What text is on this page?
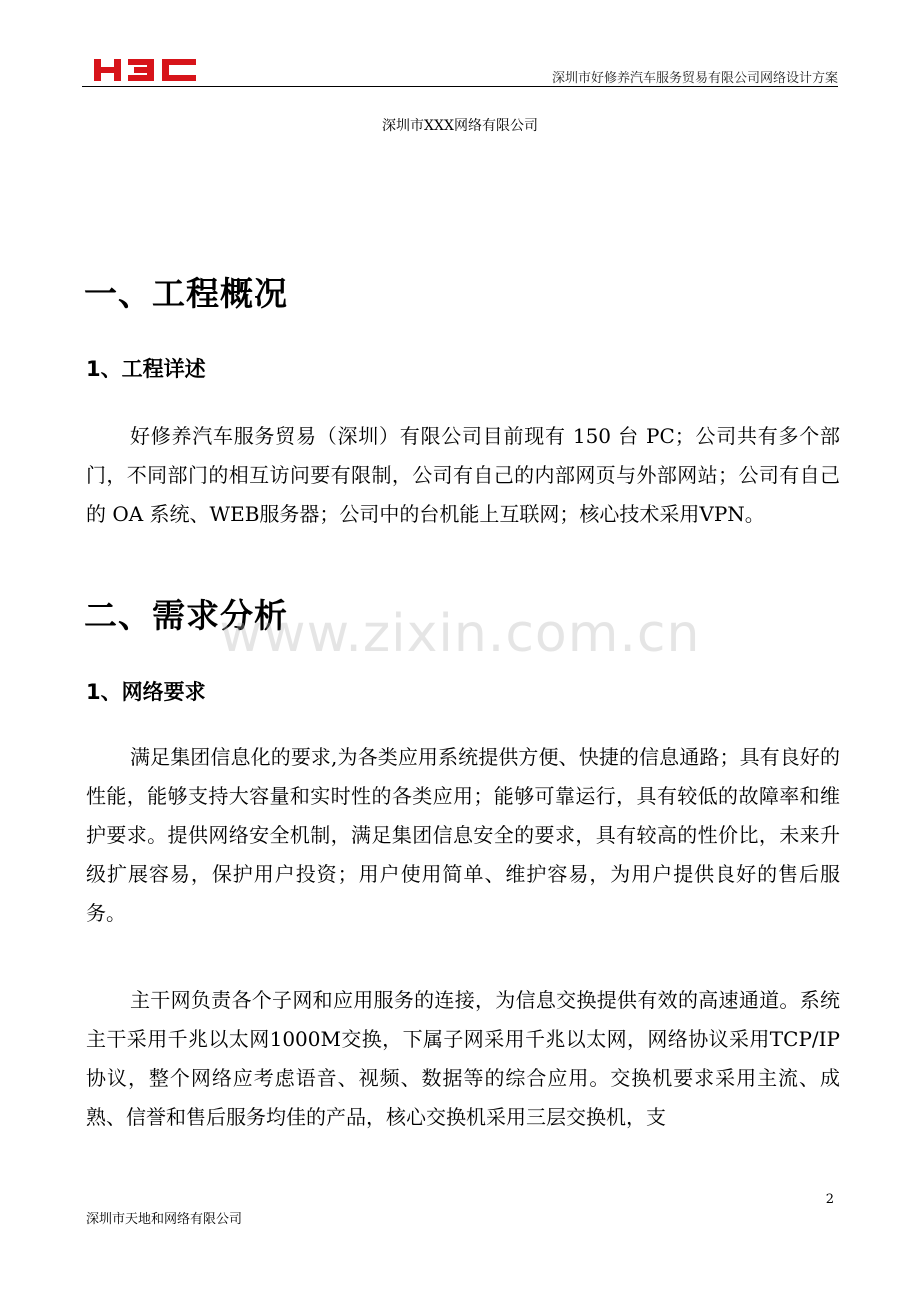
深圳市好修养汽车服务贸易有限公司网络设计方案
深圳市XXX网络有限公司
一、工程概况
1、工程详述
好修养汽车服务贸易（深圳）有限公司目前现有 150 台 PC；公司共有多个部门，不同部门的相互访问要有限制，公司有自己的内部网页与外部网站；公司有自己的 OA 系统、WEB服务器；公司中的台机能上互联网；核心技术采用VPN。
二、需求分析
1、网络要求
满足集团信息化的要求,为各类应用系统提供方便、快捷的信息通路；具有良好的性能，能够支持大容量和实时性的各类应用；能够可靠运行，具有较低的故障率和维护要求。提供网络安全机制，满足集团信息安全的要求，具有较高的性价比，未来升级扩展容易，保护用户投资；用户使用简单、维护容易，为用户提供良好的售后服务。
主干网负责各个子网和应用服务的连接，为信息交换提供有效的高速通道。系统主干采用千兆以太网1000M交换，下属子网采用千兆以太网，网络协议采用TCP/IP协议，整个网络应考虑语音、视频、数据等的综合应用。交换机要求采用主流、成熟、信誉和售后服务均佳的产品，核心交换机采用三层交换机，支
www.zixin.com.cn
2
深圳市天地和网络有限公司
